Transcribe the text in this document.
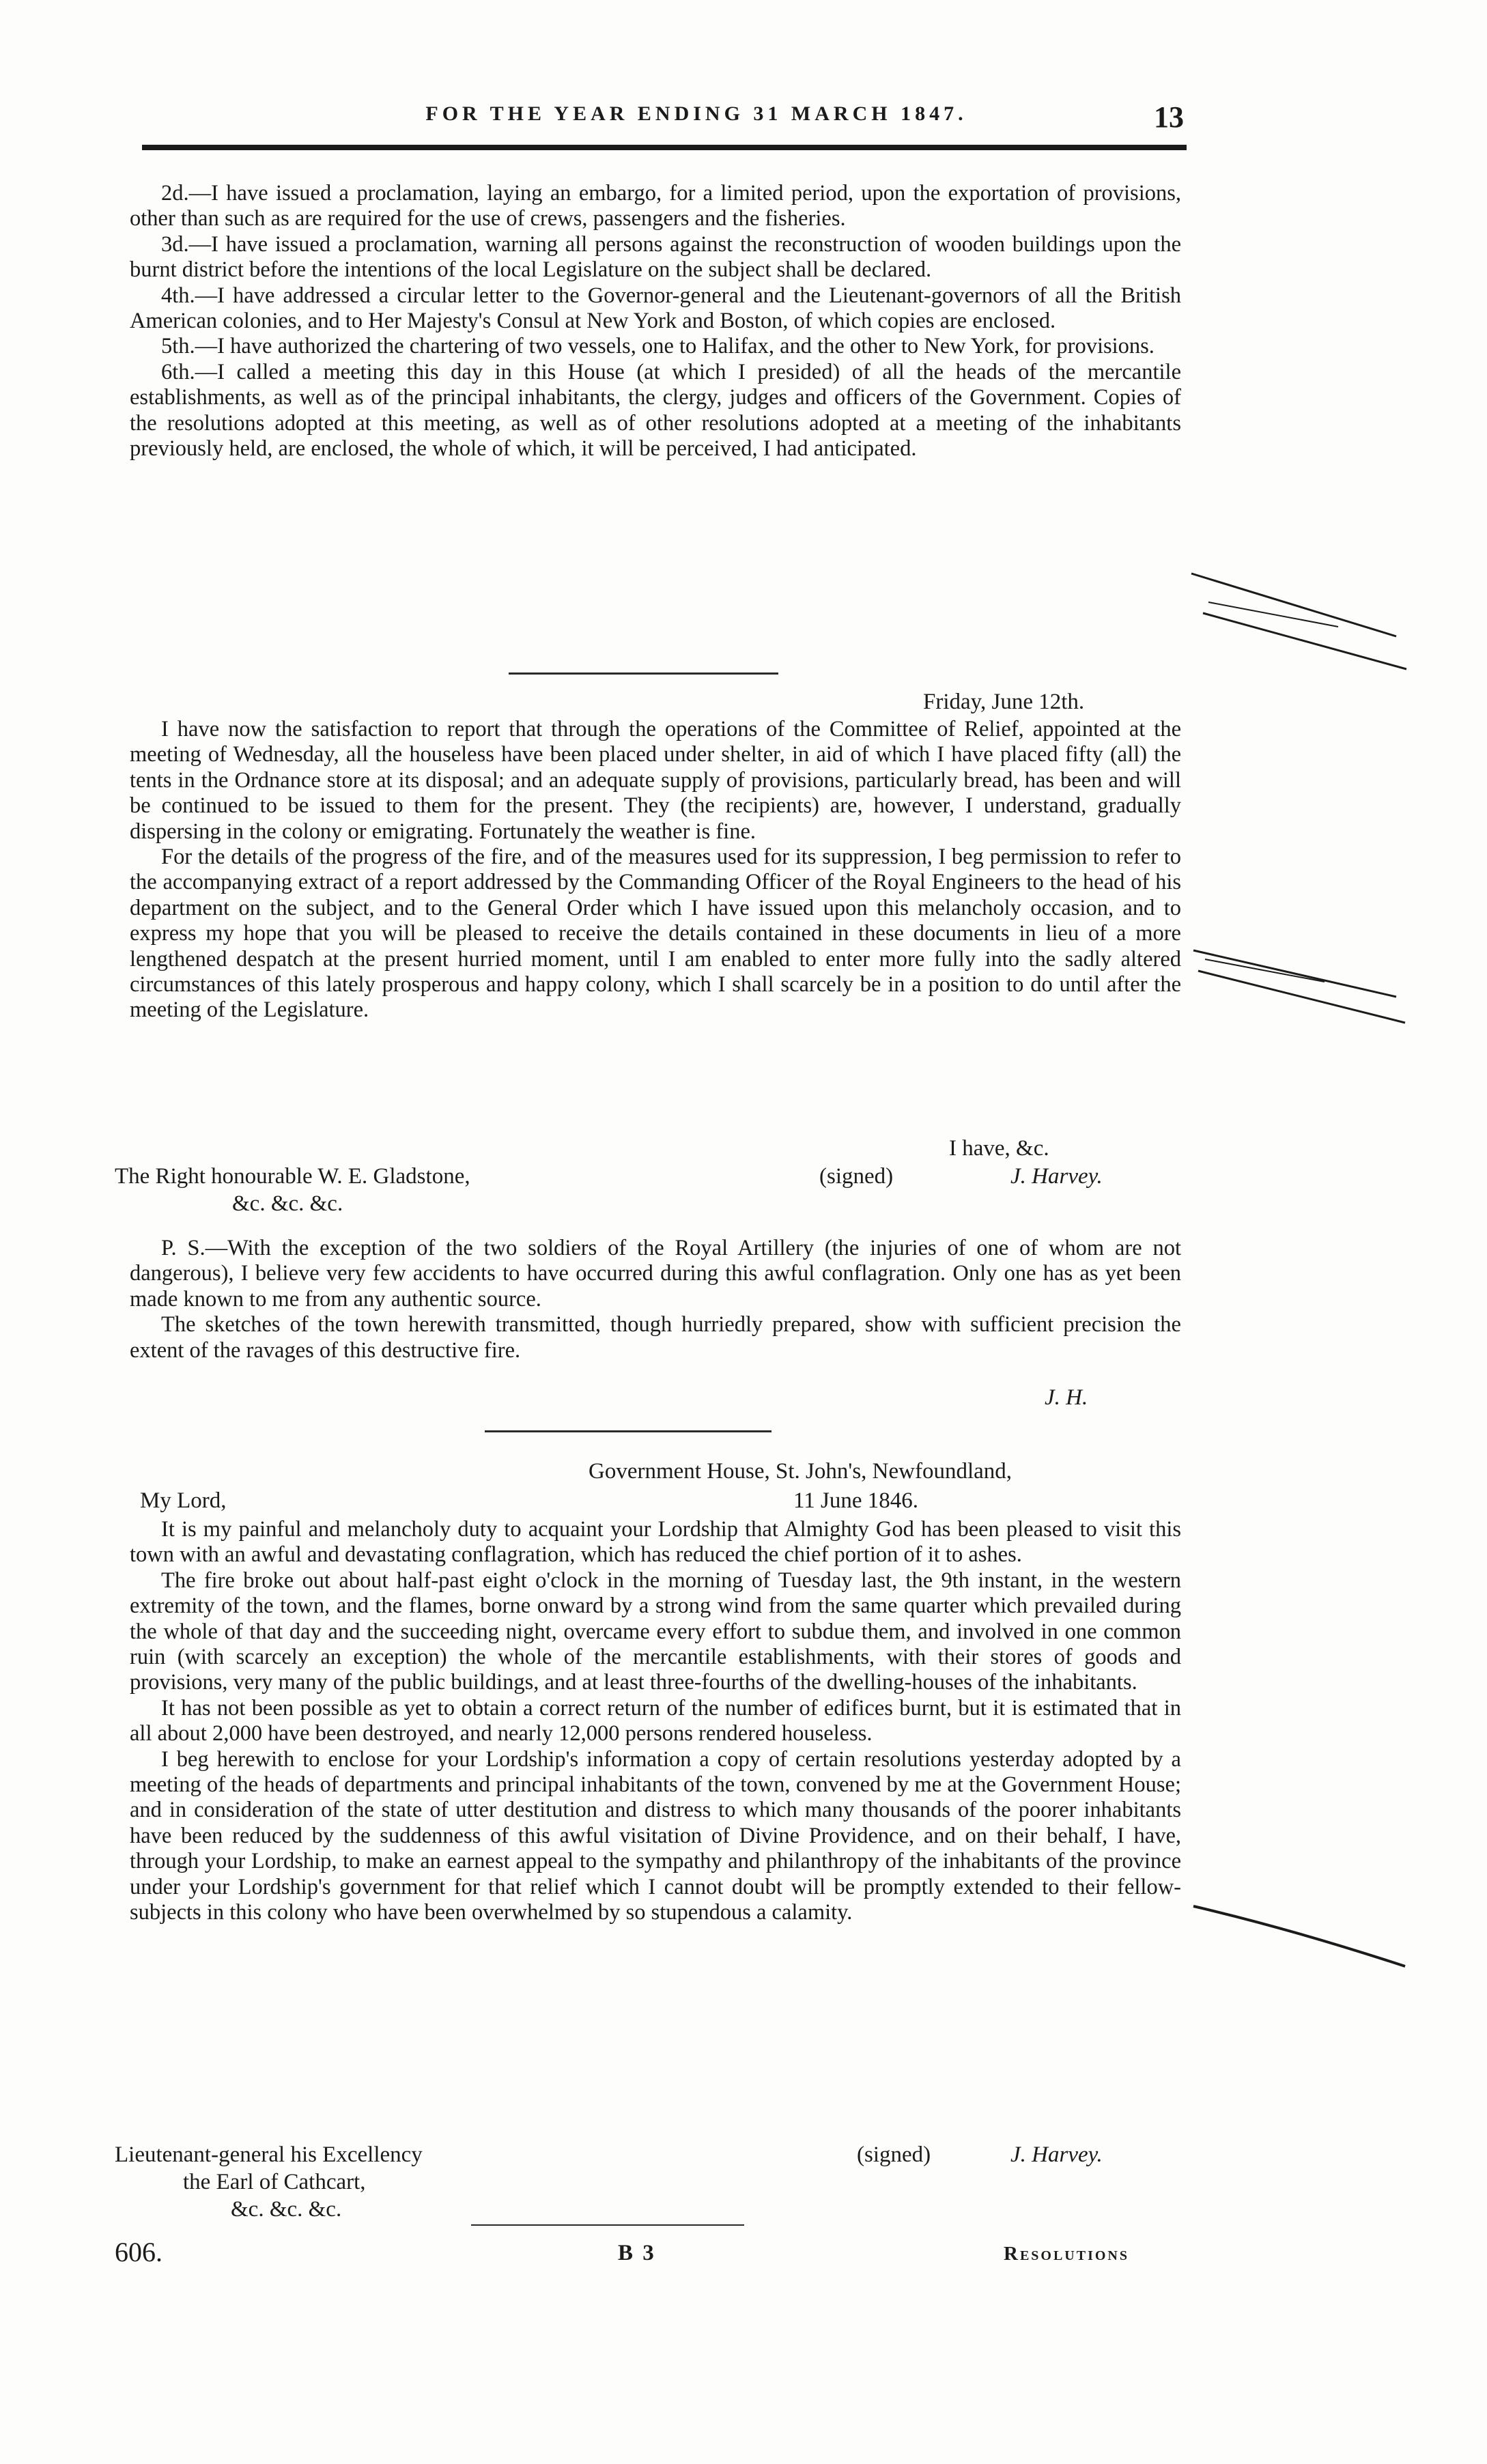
FOR THE YEAR ENDING 31 MARCH 1847.	13

2d.—I have issued a proclamation, laying an embargo, for a limited period, upon the exportation of provisions, other than such as are required for the use of crews, passengers and the fisheries.

3d.—I have issued a proclamation, warning all persons against the reconstruction of wooden buildings upon the burnt district before the intentions of the local Legislature on the subject shall be declared.

4th.—I have addressed a circular letter to the Governor-general and the Lieutenant-governors of all the British American colonies, and to Her Majesty's Consul at New York and Boston, of which copies are enclosed.

5th.—I have authorized the chartering of two vessels, one to Halifax, and the other to New York, for provisions.

6th.—I called a meeting this day in this House (at which I presided) of all the heads of the mercantile establishments, as well as of the principal inhabitants, the clergy, judges and officers of the Government. Copies of the resolutions adopted at this meeting, as well as of other resolutions adopted at a meeting of the inhabitants previously held, are enclosed, the whole of which, it will be perceived, I had anticipated.

Friday, June 12th.

I have now the satisfaction to report that through the operations of the Committee of Relief, appointed at the meeting of Wednesday, all the houseless have been placed under shelter, in aid of which I have placed fifty (all) the tents in the Ordnance store at its disposal; and an adequate supply of provisions, particularly bread, has been and will be continued to be issued to them for the present. They (the recipients) are, however, I understand, gradually dispersing in the colony or emigrating. Fortunately the weather is fine.

For the details of the progress of the fire, and of the measures used for its suppression, I beg permission to refer to the accompanying extract of a report addressed by the Commanding Officer of the Royal Engineers to the head of his department on the subject, and to the General Order which I have issued upon this melancholy occasion, and to express my hope that you will be pleased to receive the details contained in these documents in lieu of a more lengthened despatch at the present hurried moment, until I am enabled to enter more fully into the sadly altered circumstances of this lately prosperous and happy colony, which I shall scarcely be in a position to do until after the meeting of the Legislature.

I have, &c.
The Right honourable W. E. Gladstone,	(signed)	J. Harvey.
&c. &c. &c.

P. S.—With the exception of the two soldiers of the Royal Artillery (the injuries of one of whom are not dangerous), I believe very few accidents to have occurred during this awful conflagration. Only one has as yet been made known to me from any authentic source.

The sketches of the town herewith transmitted, though hurriedly prepared, show with sufficient precision the extent of the ravages of this destructive fire.

J. H.
Government House, St. John's, Newfoundland,
My Lord,	11 June 1846.

It is my painful and melancholy duty to acquaint your Lordship that Almighty God has been pleased to visit this town with an awful and devastating conflagration, which has reduced the chief portion of it to ashes.

The fire broke out about half-past eight o'clock in the morning of Tuesday last, the 9th instant, in the western extremity of the town, and the flames, borne onward by a strong wind from the same quarter which prevailed during the whole of that day and the succeeding night, overcame every effort to subdue them, and involved in one common ruin (with scarcely an exception) the whole of the mercantile establishments, with their stores of goods and provisions, very many of the public buildings, and at least three-fourths of the dwelling-houses of the inhabitants.

It has not been possible as yet to obtain a correct return of the number of edifices burnt, but it is estimated that in all about 2,000 have been destroyed, and nearly 12,000 persons rendered houseless.

I beg herewith to enclose for your Lordship's information a copy of certain resolutions yesterday adopted by a meeting of the heads of departments and principal inhabitants of the town, convened by me at the Government House; and in consideration of the state of utter destitution and distress to which many thousands of the poorer inhabitants have been reduced by the suddenness of this awful visitation of Divine Providence, and on their behalf, I have, through your Lordship, to make an earnest appeal to the sympathy and philanthropy of the inhabitants of the province under your Lordship's government for that relief which I cannot doubt will be promptly extended to their fellow-subjects in this colony who have been overwhelmed by so stupendous a calamity.

Lieutenant-general his Excellency	(signed)	J. Harvey.
the Earl of Cathcart,
&c. &c. &c.
606.	B 3	Resolutions
